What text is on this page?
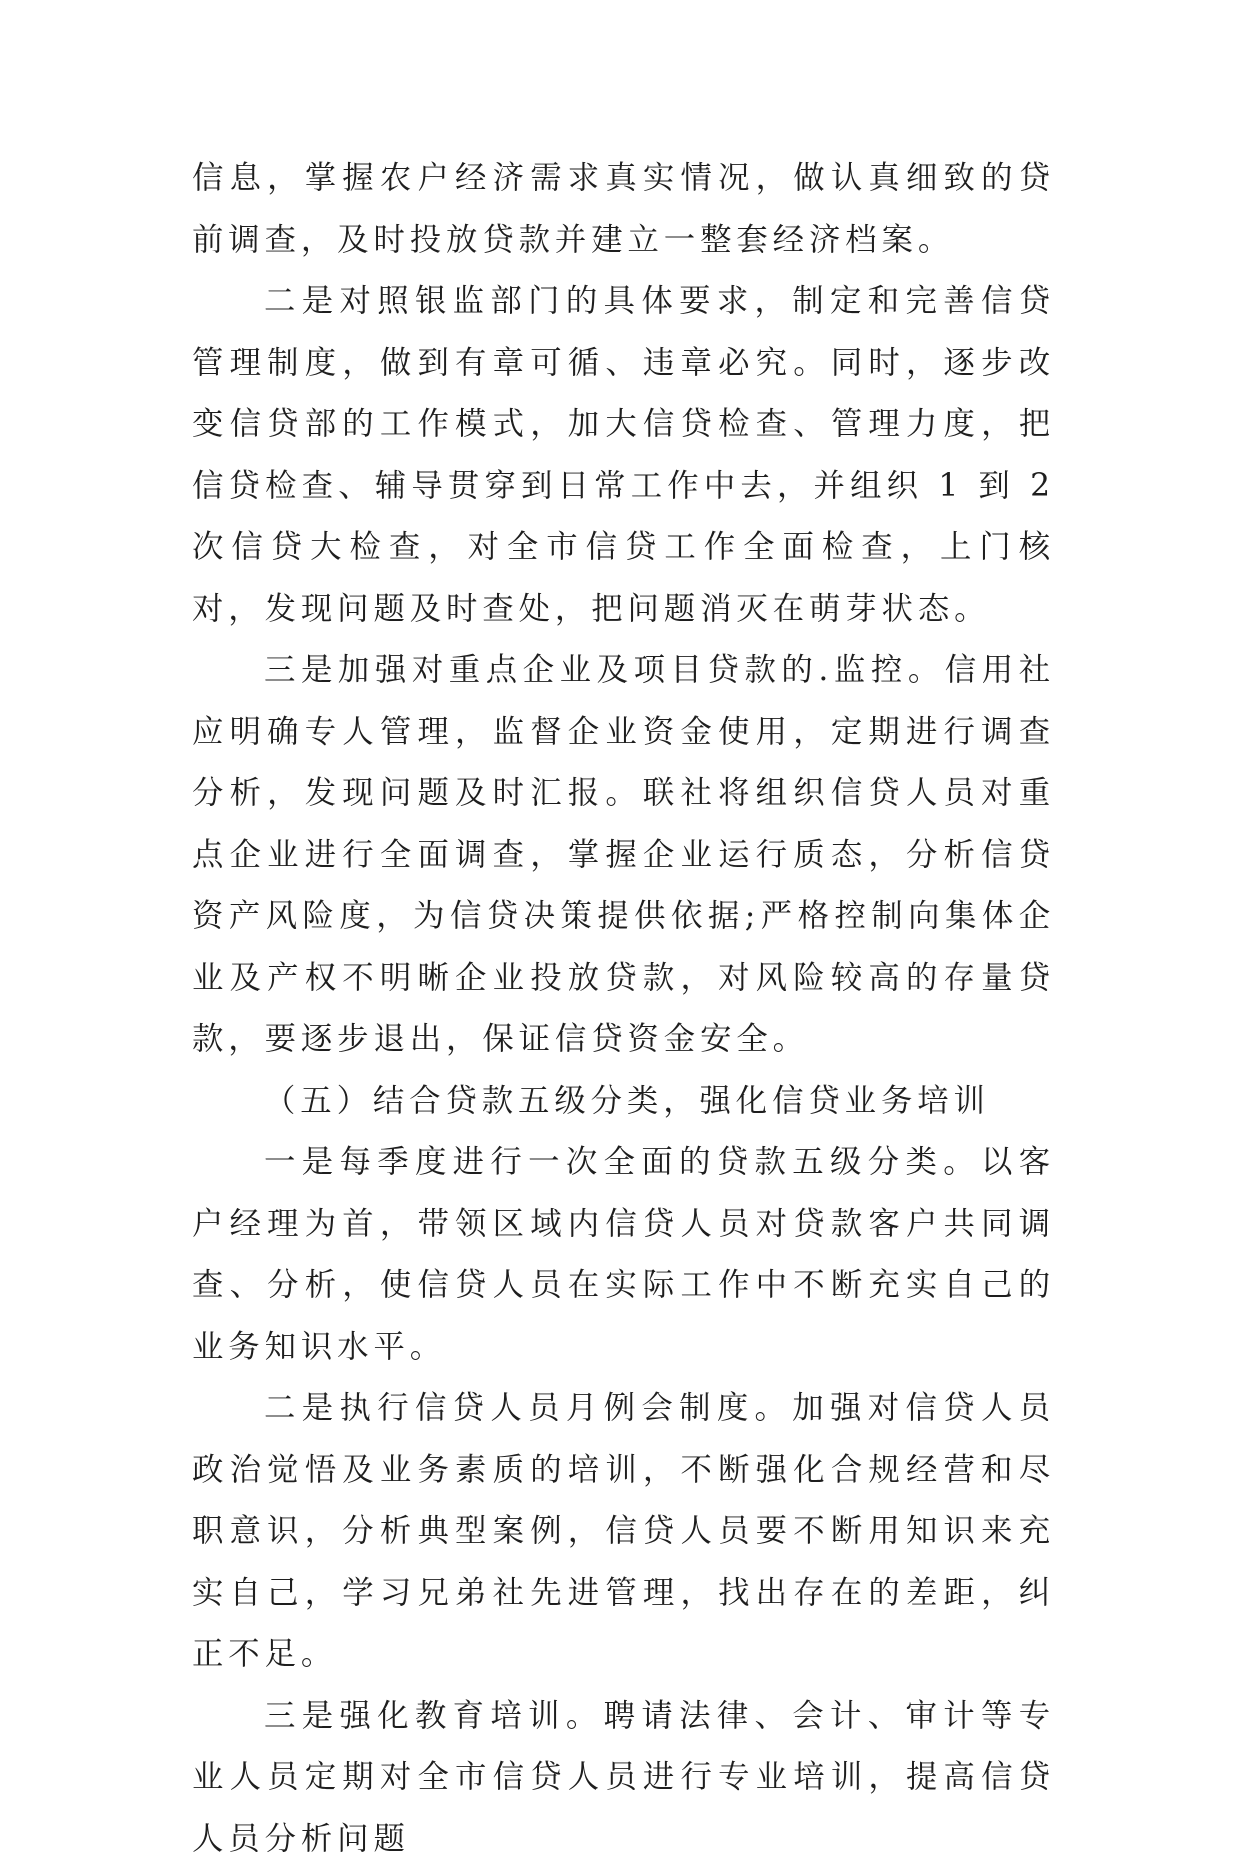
信息，掌握农户经济需求真实情况，做认真细致的贷前调查，及时投放贷款并建立一整套经济档案。

二是对照银监部门的具体要求，制定和完善信贷管理制度，做到有章可循、违章必究。同时，逐步改变信贷部的工作模式，加大信贷检查、管理力度，把信贷检查、辅导贯穿到日常工作中去，并组织 1 到 2 次信贷大检查，对全市信贷工作全面检查，上门核对，发现问题及时查处，把问题消灭在萌芽状态。

三是加强对重点企业及项目贷款的.监控。信用社应明确专人管理，监督企业资金使用，定期进行调查分析，发现问题及时汇报。联社将组织信贷人员对重点企业进行全面调查，掌握企业运行质态，分析信贷资产风险度，为信贷决策提供依据;严格控制向集体企业及产权不明晰企业投放贷款，对风险较高的存量贷款，要逐步退出，保证信贷资金安全。

（五）结合贷款五级分类，强化信贷业务培训

一是每季度进行一次全面的贷款五级分类。以客户经理为首，带领区域内信贷人员对贷款客户共同调查、分析，使信贷人员在实际工作中不断充实自己的业务知识水平。

二是执行信贷人员月例会制度。加强对信贷人员政治觉悟及业务素质的培训，不断强化合规经营和尽职意识，分析典型案例，信贷人员要不断用知识来充实自己，学习兄弟社先进管理，找出存在的差距，纠正不足。

三是强化教育培训。聘请法律、会计、审计等专业人员定期对全市信贷人员进行专业培训，提高信贷人员分析问题
